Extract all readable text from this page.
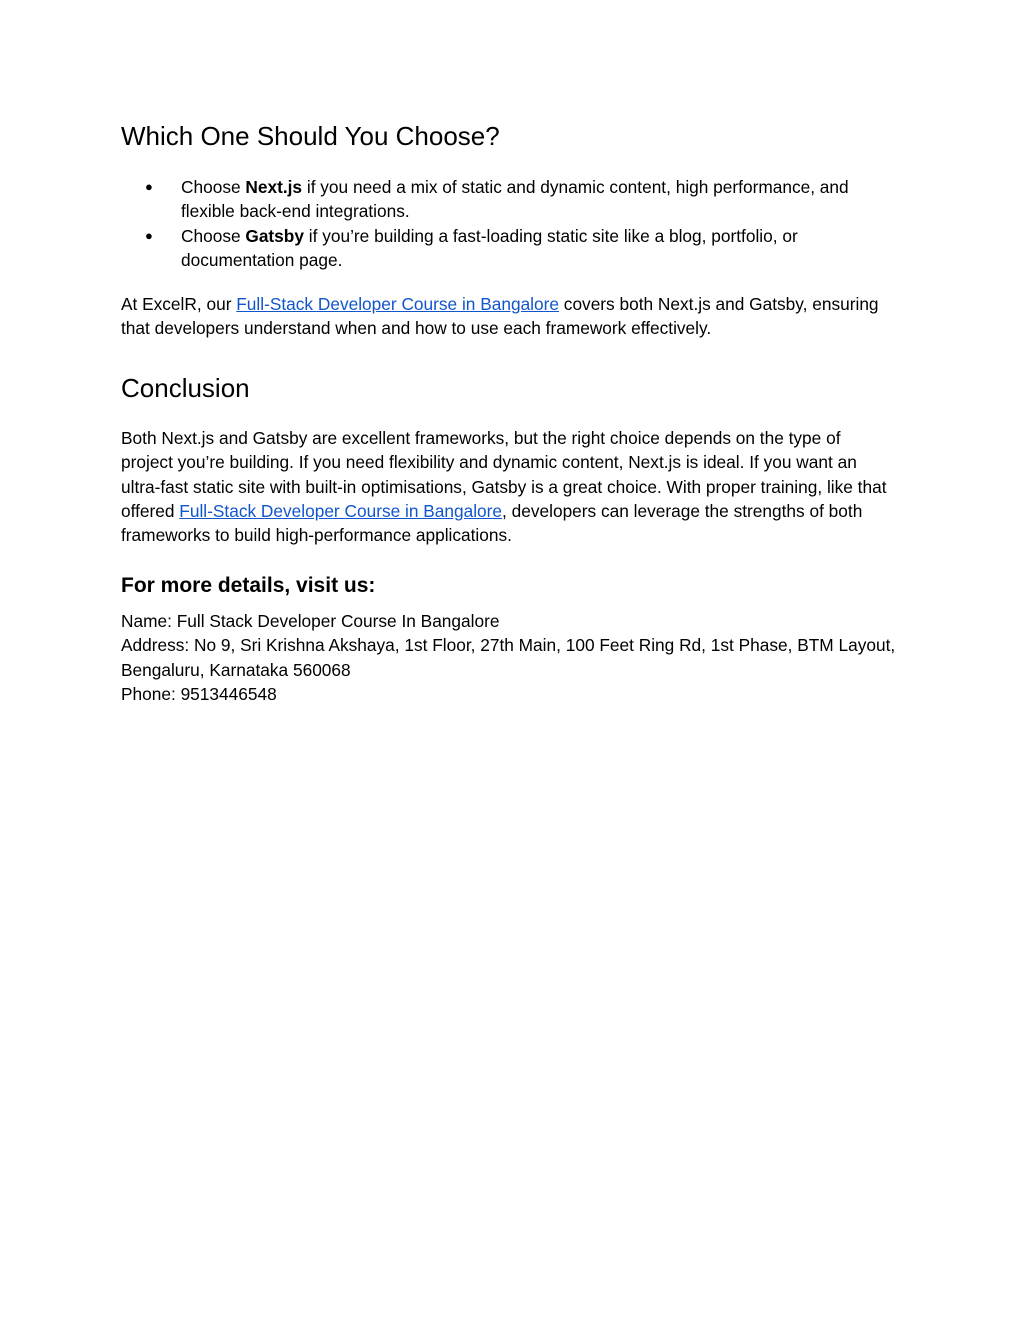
Which One Should You Choose?
● Choose Next.js if you need a mix of static and dynamic content, high performance, and flexible back-end integrations.
● Choose Gatsby if you’re building a fast-loading static site like a blog, portfolio, or documentation page.

At ExcelR, our Full-Stack Developer Course in Bangalore covers both Next.js and Gatsby, ensuring that developers understand when and how to use each framework effectively.

Conclusion

Both Next.js and Gatsby are excellent frameworks, but the right choice depends on the type of project you’re building. If you need flexibility and dynamic content, Next.js is ideal. If you want an ultra-fast static site with built-in optimisations, Gatsby is a great choice. With proper training, like that offered Full-Stack Developer Course in Bangalore, developers can leverage the strengths of both frameworks to build high-performance applications.

For more details, visit us:
Name: Full Stack Developer Course In Bangalore
Address: No 9, Sri Krishna Akshaya, 1st Floor, 27th Main, 100 Feet Ring Rd, 1st Phase, BTM Layout, Bengaluru, Karnataka 560068
Phone: 9513446548
